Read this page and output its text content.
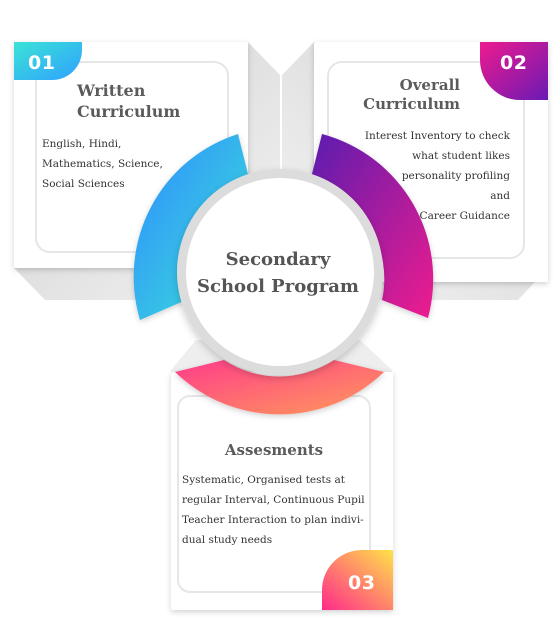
01	02
03
Written
Curriculum
English, Hindi,
Mathematics, Science,
Social Sciences
Overall
Curriculum
Interest Inventory to check
what student likes
personality profiling
and
Career Guidance
Secondary
School Program
Assesments
Systematic, Organised tests at
regular Interval, Continuous Pupil
Teacher Interaction to plan indivi-
dual study needs
